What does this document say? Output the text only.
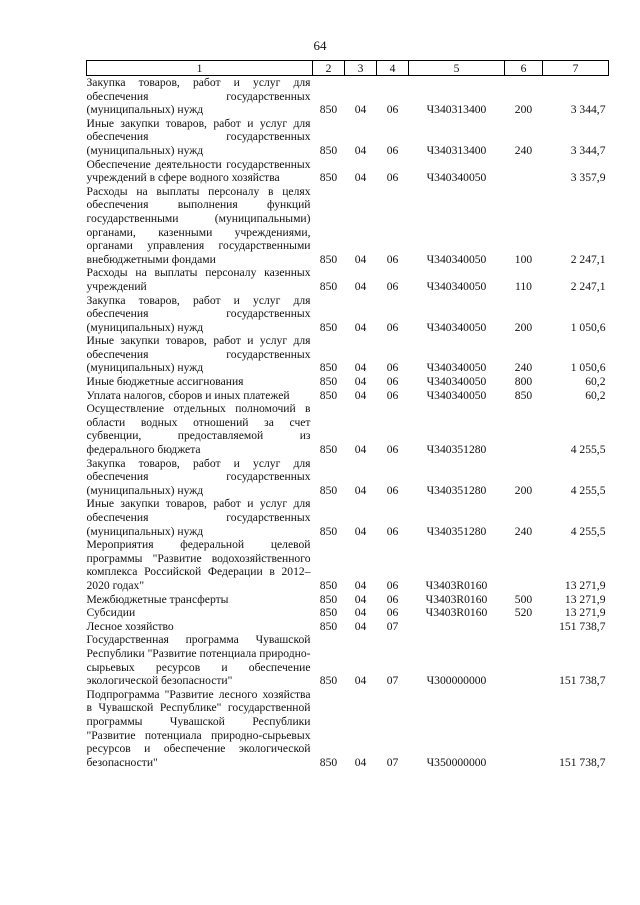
64
1	2	3	4	5	6	7
Закупка товаров, работ и услуг для обеспечения государственных (муниципальных) нужд	850	04	06	Ч340313400	200	3 344,7
Иные закупки товаров, работ и услуг для обеспечения государственных (муниципальных) нужд	850	04	06	Ч340313400	240	3 344,7
Обеспечение деятельности государственных учреждений в сфере водного хозяйства	850	04	06	Ч340340050		3 357,9
Расходы на выплаты персоналу в целях обеспечения выполнения функций государственными (муниципальными) органами, казенными учреждениями, органами управления государственными внебюджетными фондами	850	04	06	Ч340340050	100	2 247,1
Расходы на выплаты персоналу казенных учреждений	850	04	06	Ч340340050	110	2 247,1
Закупка товаров, работ и услуг для обеспечения государственных (муниципальных) нужд	850	04	06	Ч340340050	200	1 050,6
Иные закупки товаров, работ и услуг для обеспечения государственных (муниципальных) нужд	850	04	06	Ч340340050	240	1 050,6
Иные бюджетные ассигнования	850	04	06	Ч340340050	800	60,2
Уплата налогов, сборов и иных платежей	850	04	06	Ч340340050	850	60,2
Осуществление отдельных полномочий в области водных отношений за счет субвенции, предоставляемой из федерального бюджета	850	04	06	Ч340351280		4 255,5
Закупка товаров, работ и услуг для обеспечения государственных (муниципальных) нужд	850	04	06	Ч340351280	200	4 255,5
Иные закупки товаров, работ и услуг для обеспечения государственных (муниципальных) нужд	850	04	06	Ч340351280	240	4 255,5
Мероприятия федеральной целевой программы "Развитие водохозяйственного комплекса Российской Федерации в 2012–2020 годах"	850	04	06	Ч3403R0160		13 271,9
Межбюджетные трансферты	850	04	06	Ч3403R0160	500	13 271,9
Субсидии	850	04	06	Ч3403R0160	520	13 271,9
Лесное хозяйство	850	04	07			151 738,7
Государственная программа Чувашской Республики "Развитие потенциала природно-сырьевых ресурсов и обеспечение экологической безопасности"	850	04	07	Ч300000000		151 738,7
Подпрограмма "Развитие лесного хозяйства в Чувашской Республике" государственной программы Чувашской Республики "Развитие потенциала природно-сырьевых ресурсов и обеспечение экологической безопасности"	850	04	07	Ч350000000		151 738,7
